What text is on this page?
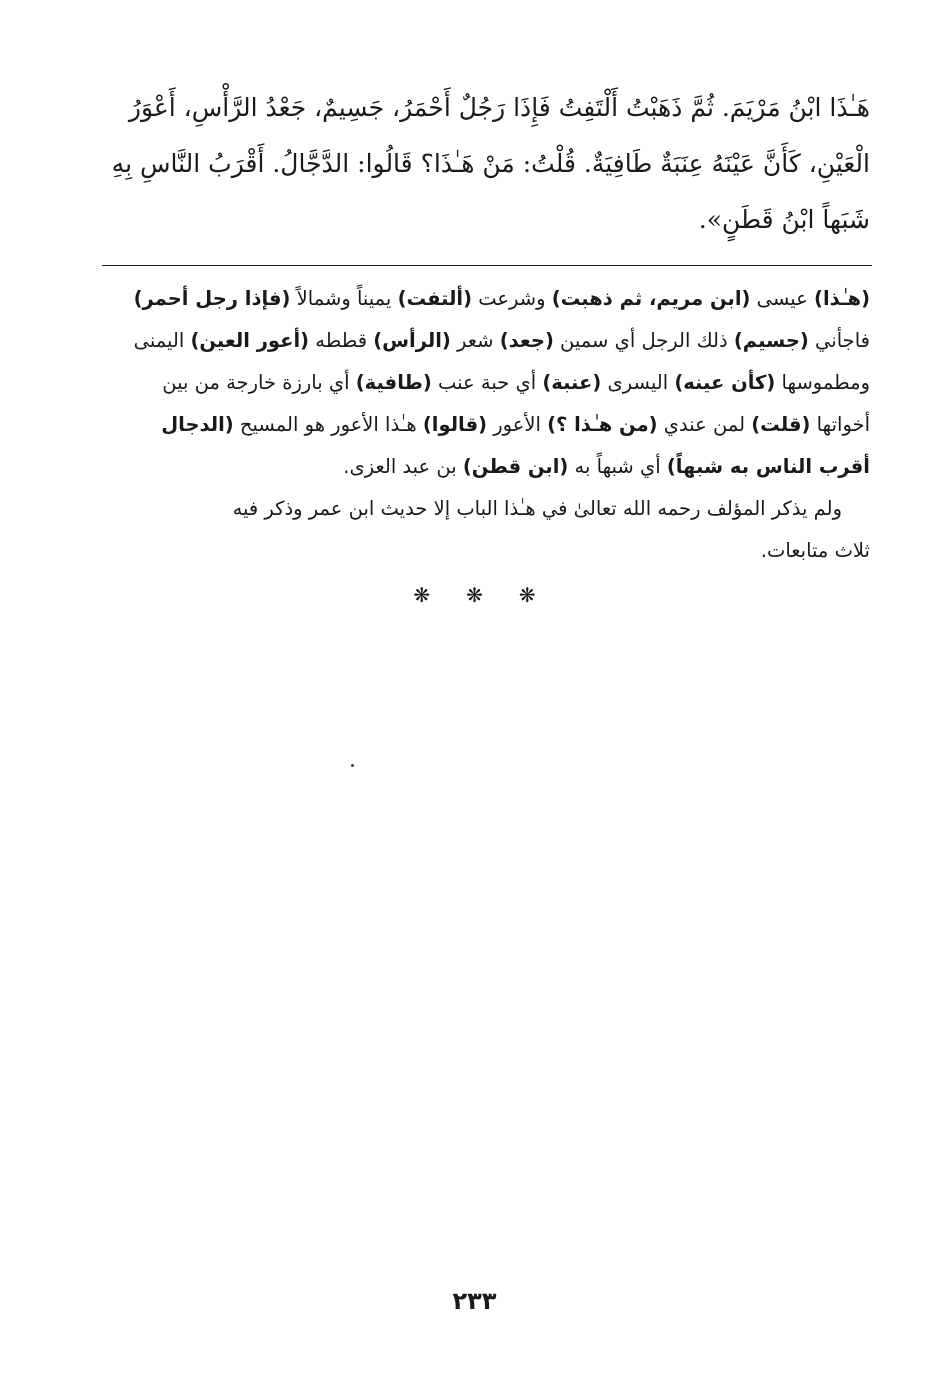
هَـٰذَا ابْنُ مَرْيَمَ. ثُمَّ ذَهَبْتُ أَلْتَفِتُ فَإِذَا رَجُلٌ أَحْمَرُ، جَسِيمٌ، جَعْدُ الرَّأْسِ، أَعْوَرُ
الْعَيْنِ، كَأَنَّ عَيْنَهُ عِنَبَةٌ طَافِيَةٌ. قُلْتُ: مَنْ هَـٰذَا؟ قَالُوا: الدَّجَّالُ. أَقْرَبُ النَّاسِ بِهِ
شَبَهاً ابْنُ قَطَنٍ».
(هـٰذا) عيسى (ابن مريم، ثم ذهبت) وشرعت (ألتفت) يميناً وشمالاً (فإذا رجل أحمر)
فاجأني (جسيم) ذلك الرجل أي سمين (جعد) شعر (الرأس) قططه (أعور العين) اليمنى
ومطموسها (كأن عينه) اليسرى (عنبة) أي حبة عنب (طافية) أي بارزة خارجة من بين
أخواتها (قلت) لمن عندي (من هـٰذا ؟) الأعور (قالوا) هـٰذا الأعور هو المسيح (الدجال
أقرب الناس به شبهاً) أي شبهاً به (ابن قطن) بن عبد العزى.
ولم يذكر المؤلف رحمه الله تعالىٰ في هـٰذا الباب إلا حديث ابن عمر وذكر فيه
ثلاث متابعات.
❋ ❋ ❋
٢٣٣
